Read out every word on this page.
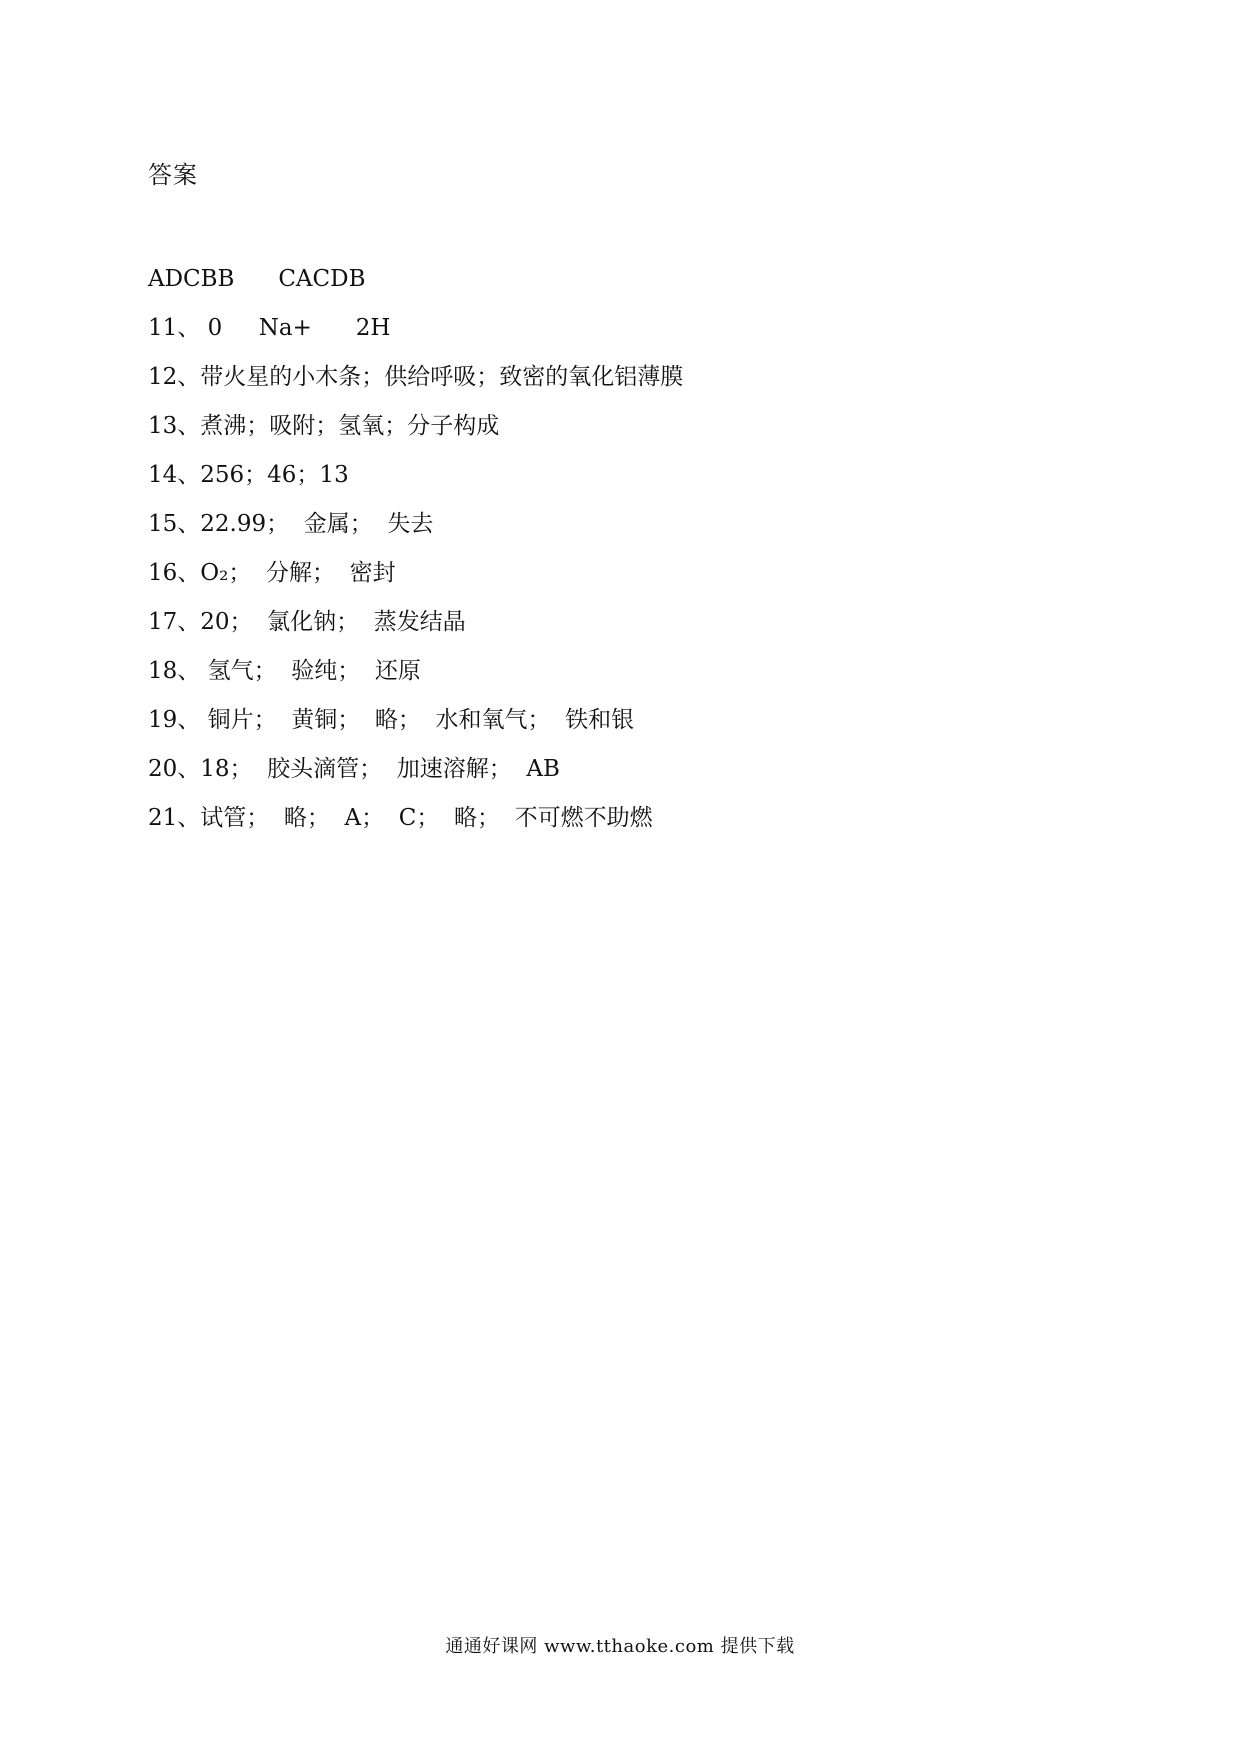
答案
ADCBB      CACDB
11、 0     Na+      2H
12、带火星的小木条；供给呼吸；致密的氧化铝薄膜
13、煮沸；吸附；氢氧；分子构成
14、256；46；13
15、22.99；  金属；  失去
16、O₂；  分解；  密封
17、20；  氯化钠；  蒸发结晶
18、 氢气；  验纯；  还原
19、 铜片；  黄铜；  略；  水和氧气；  铁和银
20、18；  胶头滴管；  加速溶解；  AB
21、试管；  略；  A；  C；  略；  不可燃不助燃
通通好课网 www.tthaoke.com 提供下载
